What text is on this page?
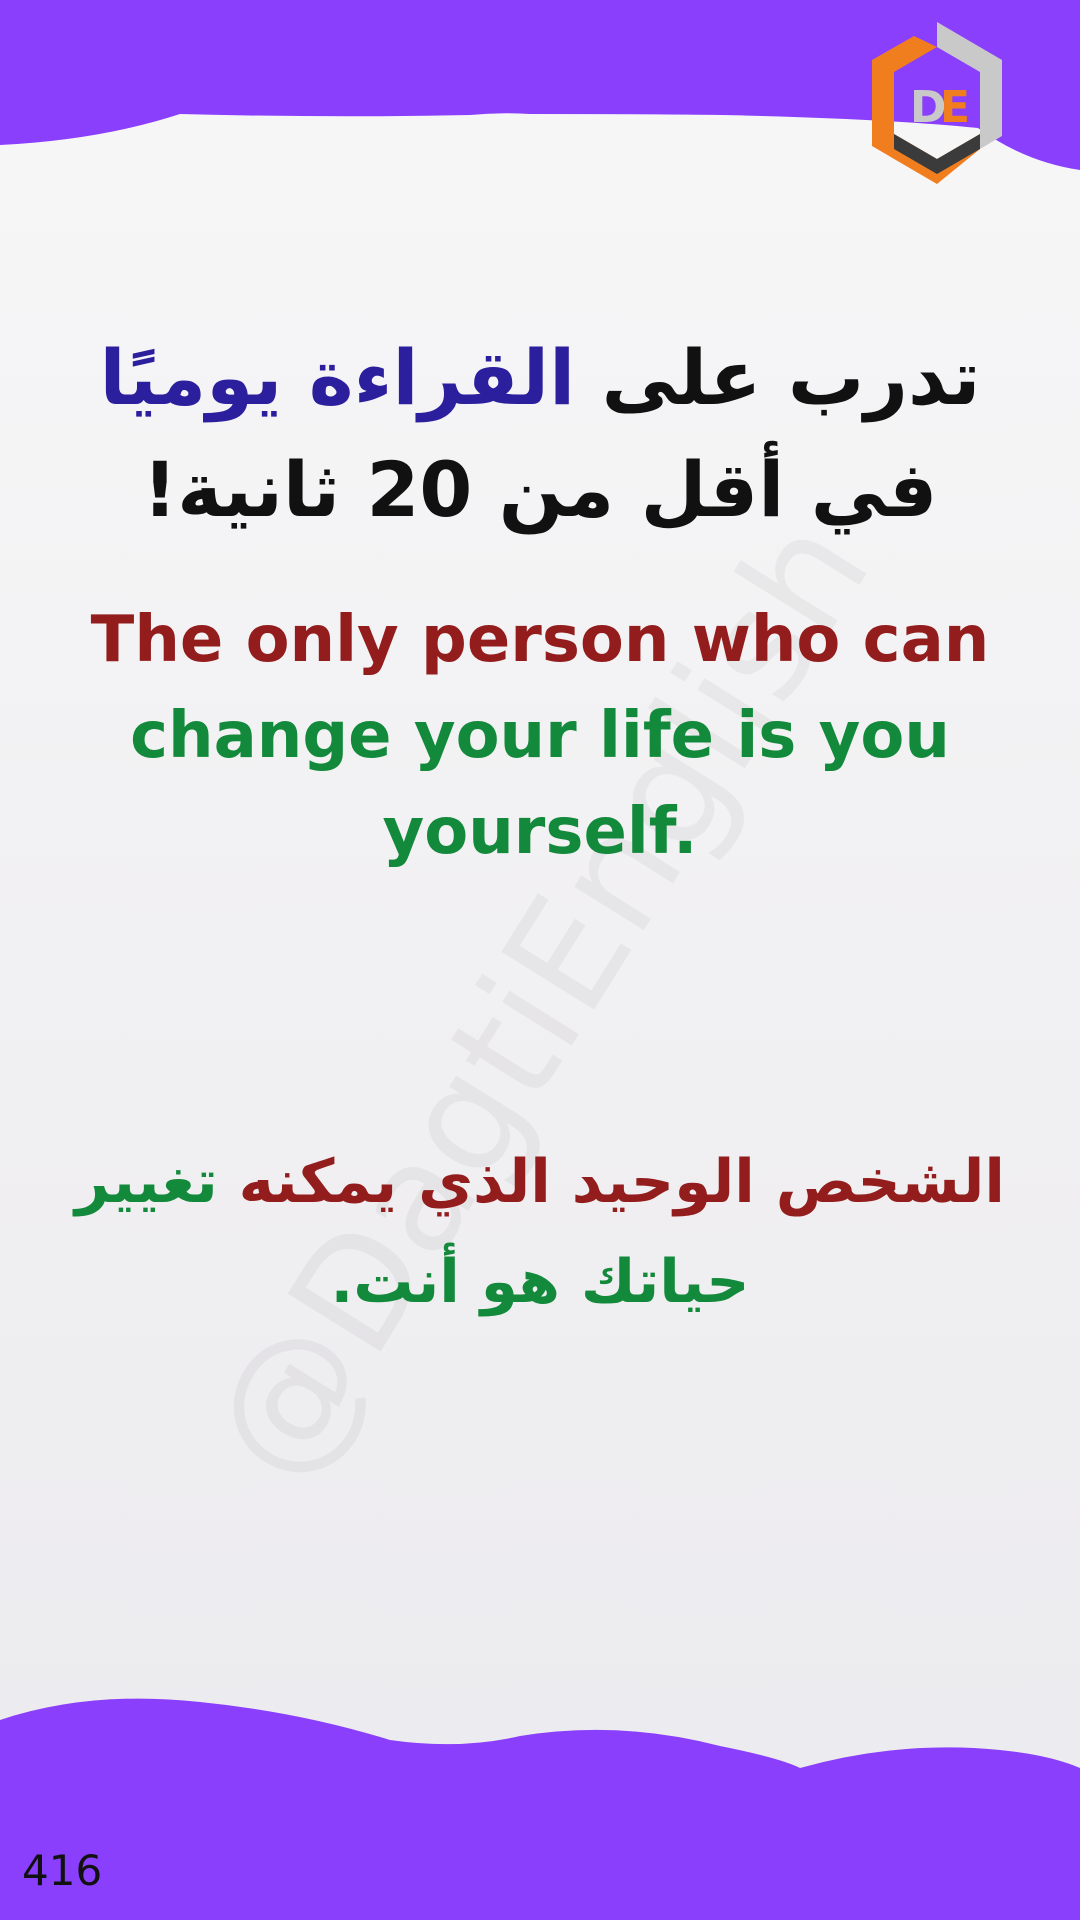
D
E
تدرب على القراءة يوميًا في أقل من 20 ثانية!

The only person who can
change your life is you yourself.

الشخص الوحيد الذي يمكنه تغيير حياتك هو أنت.

416
